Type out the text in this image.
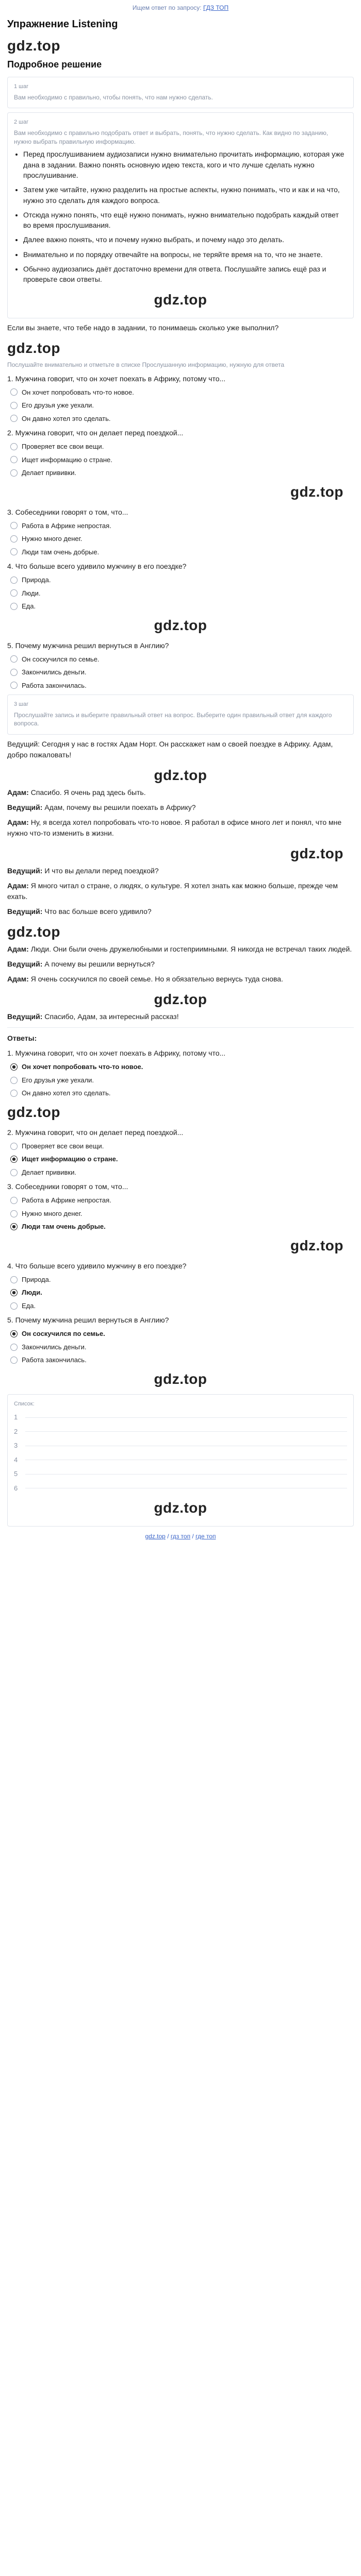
Ищем ответ по запросу: ГДЗ ТОП
Упражнение Listening
gdz.top
Подробное решение
1 шаг
Вам необходимо с правильно, чтобы понять, что нам нужно сделать.
2 шаг
Вам необходимо с правильно подобрать ответ и выбрать, понять, что нужно сделать. Как видно по заданию, нужно выбрать правильную информацию.
• Перед прослушиванием аудиозаписи нужно внимательно прочитать информацию, которая уже дана в задании. Важно понять основную идею текста, кого и что лучше сделать нужно прослушивание.
• Затем уже читайте, нужно разделить на простые аспекты, нужно понимать, что и как и на что, нужно это сделать для каждого вопроса.
• Отсюда нужно понять, что ещё нужно понимать, нужно внимательно подобрать каждый ответ во время прослушивания.
• Далее важно понять, что и почему нужно выбрать, и почему надо это делать.
• Внимательно и по порядку отвечайте на вопросы, не теряйте время на то, что не знаете.
• Обычно аудиозапись даёт достаточно времени для ответа. Послушайте запись ещё раз и проверьте свои ответы.
gdz.top

Если вы знаете, что тебе надо в задании, то понимаешь сколько уже выполнил?

gdz.top
Послушайте внимательно и отметьте в списке Прослушанную информацию, нужную для ответа
1. Мужчина говорит, что он хочет поехать в Африку, потому что...
Он хочет попробовать что-то новое.
Его друзья уже уехали.
Он давно хотел это сделать.
2. Мужчина говорит, что он делает перед поездкой...
Проверяет все свои вещи.
Ищет информацию о стране.
Делает прививки.
gdz.top
3. Собеседники говорят о том, что...
Работа в Африке непростая.
Нужно много денег.
Люди там очень добрые.
4. Что больше всего удивило мужчину в его поездке?
Природа.
Люди.
Еда.
gdz.top
5. Почему мужчина решил вернуться в Англию?
Он соскучился по семье.
Закончились деньги.
Работа закончилась.
3 шаг
Прослушайте запись и выберите правильный ответ на вопрос. Выберите один правильный ответ для каждого вопроса.

Ведущий: Сегодня у нас в гостях Адам Норт. Он расскажет нам о своей поездке в Африку. Адам, добро пожаловать!

gdz.top

Адам: Спасибо. Я очень рад здесь быть.

Ведущий: Адам, почему вы решили поехать в Африку?

Адам: Ну, я всегда хотел попробовать что-то новое. Я работал в офисе много лет и понял, что мне нужно что-то изменить в жизни.

gdz.top

Ведущий: И что вы делали перед поездкой?

Адам: Я много читал о стране, о людях, о культуре. Я хотел знать как можно больше, прежде чем ехать.

Ведущий: Что вас больше всего удивило?

gdz.top

Адам: Люди. Они были очень дружелюбными и гостеприимными. Я никогда не встречал таких людей.

Ведущий: А почему вы решили вернуться?

Адам: Я очень соскучился по своей семье. Но я обязательно вернусь туда снова.

gdz.top

Ведущий: Спасибо, Адам, за интересный рассказ!

Ответы:
1. Мужчина говорит, что он хочет поехать в Африку, потому что...
Он хочет попробовать что-то новое.
Его друзья уже уехали.
Он давно хотел это сделать.
gdz.top
2. Мужчина говорит, что он делает перед поездкой...
Проверяет все свои вещи.
Ищет информацию о стране.
Делает прививки.
3. Собеседники говорят о том, что...
Работа в Африке непростая.
Нужно много денег.
Люди там очень добрые.
gdz.top
4. Что больше всего удивило мужчину в его поездке?
Природа.
Люди.
Еда.
5. Почему мужчина решил вернуться в Англию?
Он соскучился по семье.
Закончились деньги.
Работа закончилась.
gdz.top
Список:
1
2
3
4
5
6
gdz.top
gdz.top / гдз топ / где топ
